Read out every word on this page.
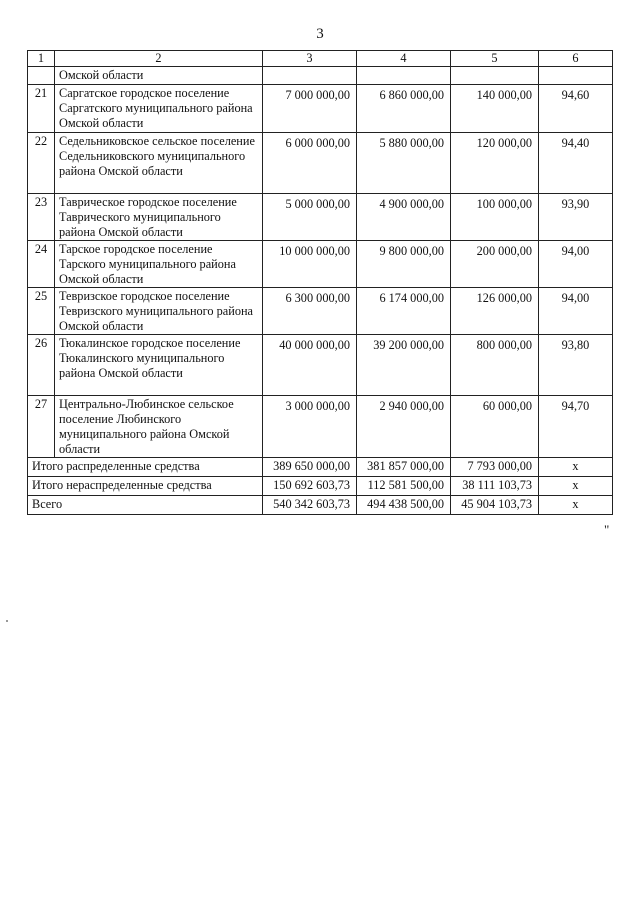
3
1	2	3	4	5	6
	Омской области				
21	Саргатское городское поселение Саргатского муниципального района Омской области	7 000 000,00	6 860 000,00	140 000,00	94,60
22	Седельниковское сельское поселение Седельниковского муниципального района Омской области	6 000 000,00	5 880 000,00	120 000,00	94,40
23	Таврическое городское поселение Таврического муниципального района Омской области	5 000 000,00	4 900 000,00	100 000,00	93,90
24	Тарское городское поселение Тарского муниципального района Омской области	10 000 000,00	9 800 000,00	200 000,00	94,00
25	Тевризское городское поселение Тевризского муниципального района Омской области	6 300 000,00	6 174 000,00	126 000,00	94,00
26	Тюкалинское городское поселение Тюкалинского муниципального района Омской области	40 000 000,00	39 200 000,00	800 000,00	93,80
27	Центрально-Любинское сельское поселение Любинского муниципального района Омской области	3 000 000,00	2 940 000,00	60 000,00	94,70
Итого распределенные средства		389 650 000,00	381 857 000,00	7 793 000,00	х
Итого нераспределенные средства		150 692 603,73	112 581 500,00	38 111 103,73	х
Всего		540 342 603,73	494 438 500,00	45 904 103,73	х
"
